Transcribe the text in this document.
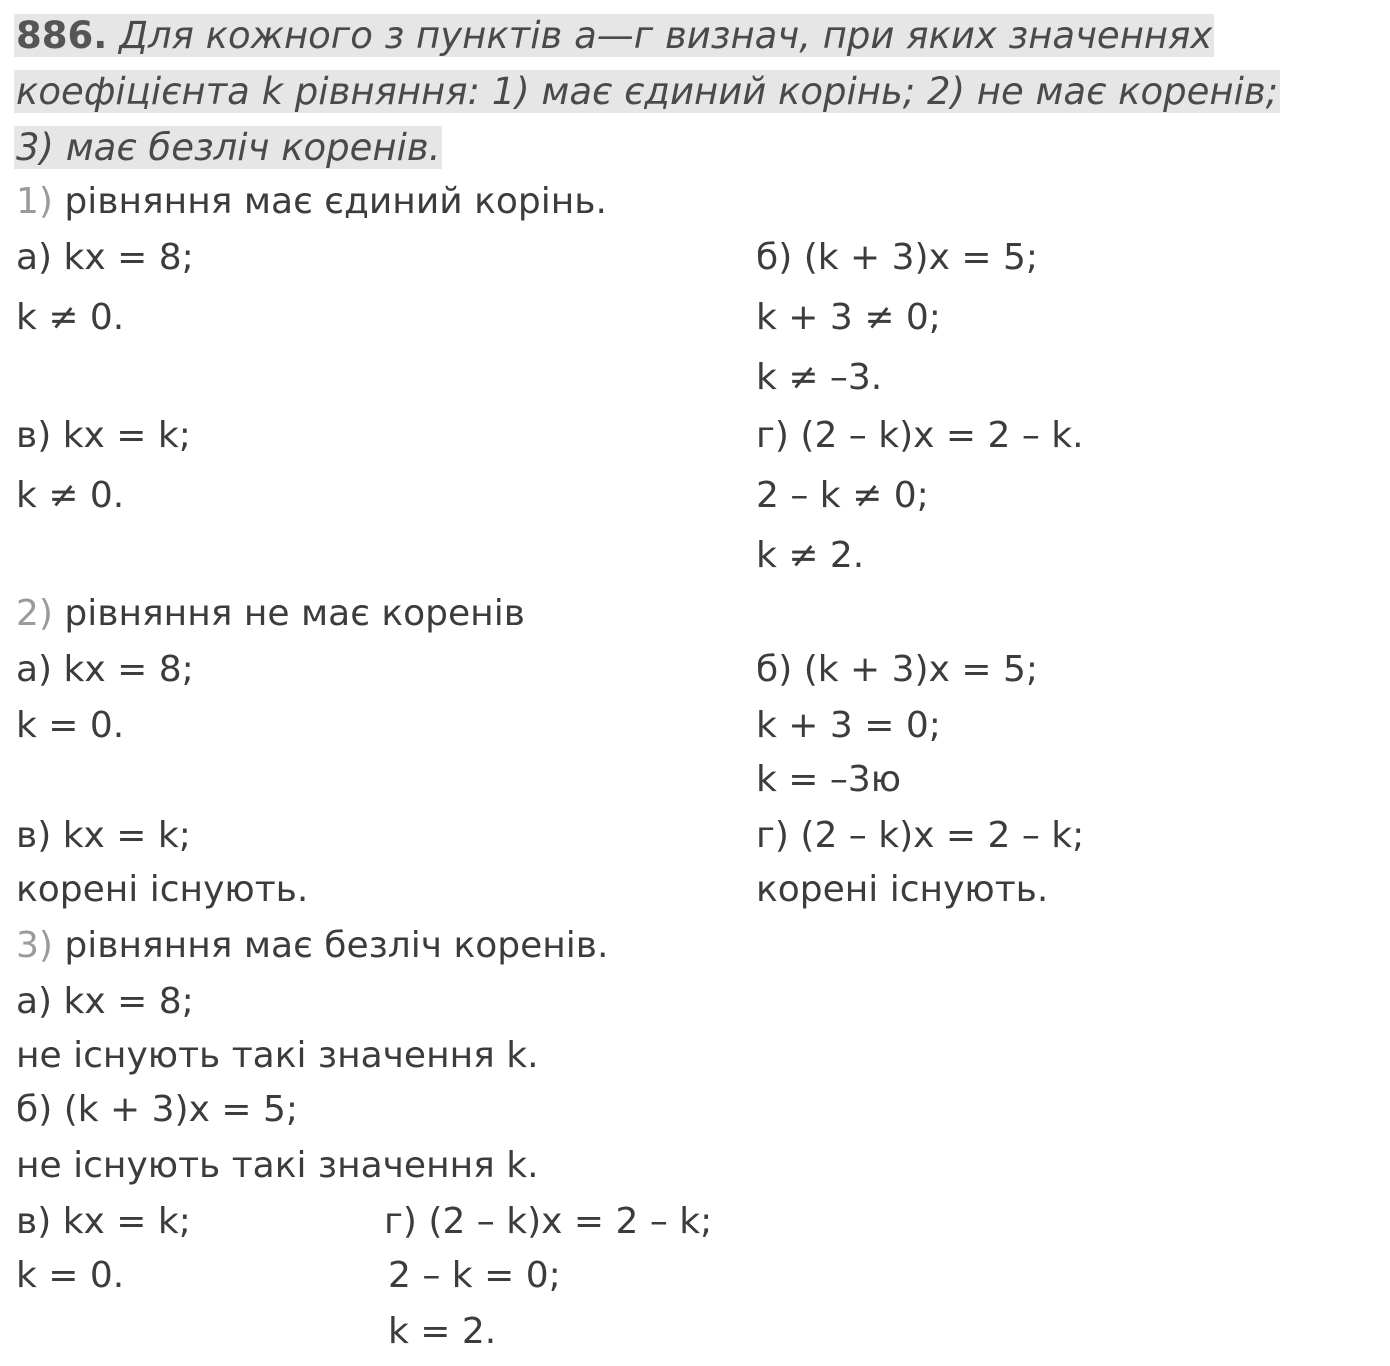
886. Для кожного з пунктів а—г визнач, при яких значеннях
коефіцієнта k рівняння: 1) має єдиний корінь; 2) не має коренів;
3) має безліч коренів.
1) рівняння має єдиний корінь.
а) kx = 8;
k ≠ 0.
б) (k + 3)x = 5;
k + 3 ≠ 0;
k ≠ –3.
в) kx = k;
k ≠ 0.
г) (2 – k)x = 2 – k.
2 – k ≠ 0;
k ≠ 2.
2) рівняння не має коренів
а) kx = 8;
k = 0.
б) (k + 3)x = 5;
k + 3 = 0;
k = –3ю
в) kx = k;
корені існують.
г) (2 – k)x = 2 – k;
корені існують.
3) рівняння має безліч коренів.
а) kx = 8;
не існують такі значення k.
б) (k + 3)x = 5;
не існують такі значення k.
в) kx = k;
k = 0.
г) (2 – k)x = 2 – k;
2 – k = 0;
k = 2.
